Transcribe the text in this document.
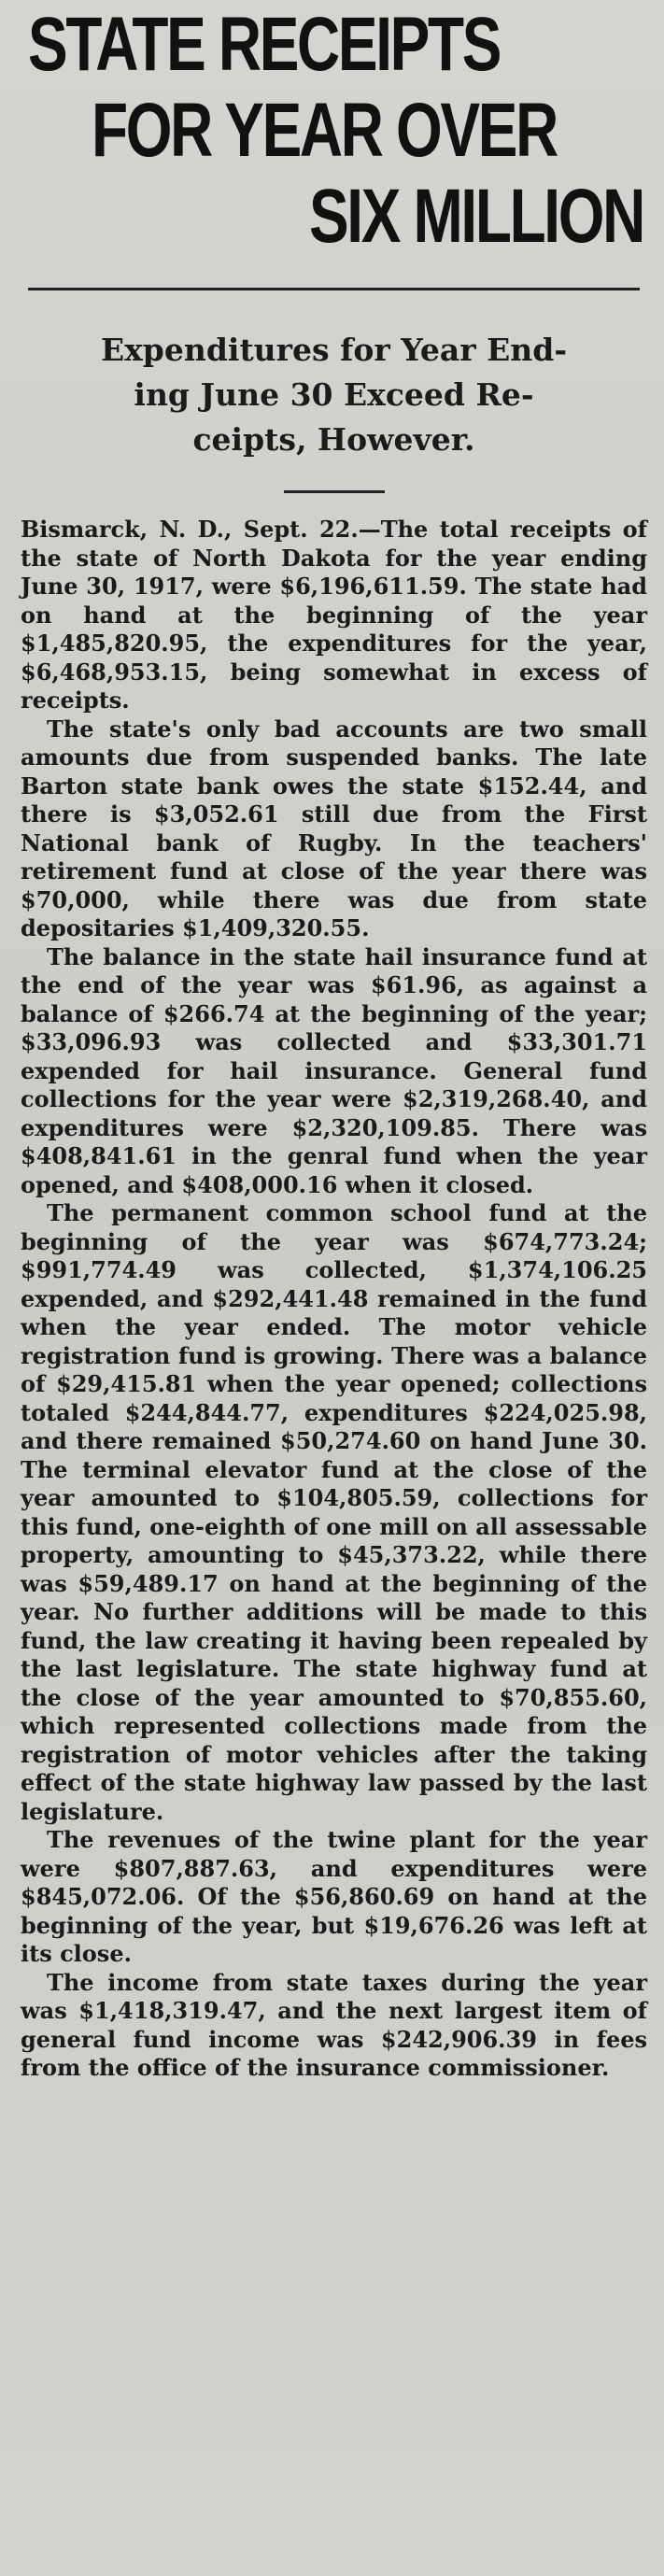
STATE RECEIPTS
FOR YEAR OVER
SIX MILLION
Expenditures for Year End-
ing June 30 Exceed Re-
ceipts, However.

Bismarck, N. D., Sept. 22.—The total receipts of the state of North Dakota for the year ending June 30, 1917, were $6,196,611.59. The state had on hand at the beginning of the year $1,485,820.95, the expenditures for the year, $6,468,953.15, being somewhat in excess of receipts.

The state's only bad accounts are two small amounts due from suspended banks. The late Barton state bank owes the state $152.44, and there is $3,052.61 still due from the First National bank of Rugby. In the teachers' retirement fund at close of the year there was $70,000, while there was due from state depositaries $1,409,320.55.

The balance in the state hail insurance fund at the end of the year was $61.96, as against a balance of $266.74 at the beginning of the year; $33,096.93 was collected and $33,301.71 expended for hail insurance. General fund collections for the year were $2,319,268.40, and expenditures were $2,320,109.85. There was $408,841.61 in the genral fund when the year opened, and $408,000.16 when it closed.

The permanent common school fund at the beginning of the year was $674,773.24; $991,774.49 was collected, $1,374,106.25 expended, and $292,441.48 remained in the fund when the year ended. The motor vehicle registration fund is growing. There was a balance of $29,415.81 when the year opened; collections totaled $244,844.77, expenditures $224,025.98, and there remained $50,274.60 on hand June 30. The terminal elevator fund at the close of the year amounted to $104,805.59, collections for this fund, one-eighth of one mill on all assessable property, amounting to $45,373.22, while there was $59,489.17 on hand at the beginning of the year. No further additions will be made to this fund, the law creating it having been repealed by the last legislature. The state highway fund at the close of the year amounted to $70,855.60, which represented collections made from the registration of motor vehicles after the taking effect of the state highway law passed by the last legislature.

The revenues of the twine plant for the year were $807,887.63, and expenditures were $845,072.06. Of the $56,860.69 on hand at the beginning of the year, but $19,676.26 was left at its close.

The income from state taxes during the year was $1,418,319.47, and the next largest item of general fund income was $242,906.39 in fees from the office of the insurance commissioner.
